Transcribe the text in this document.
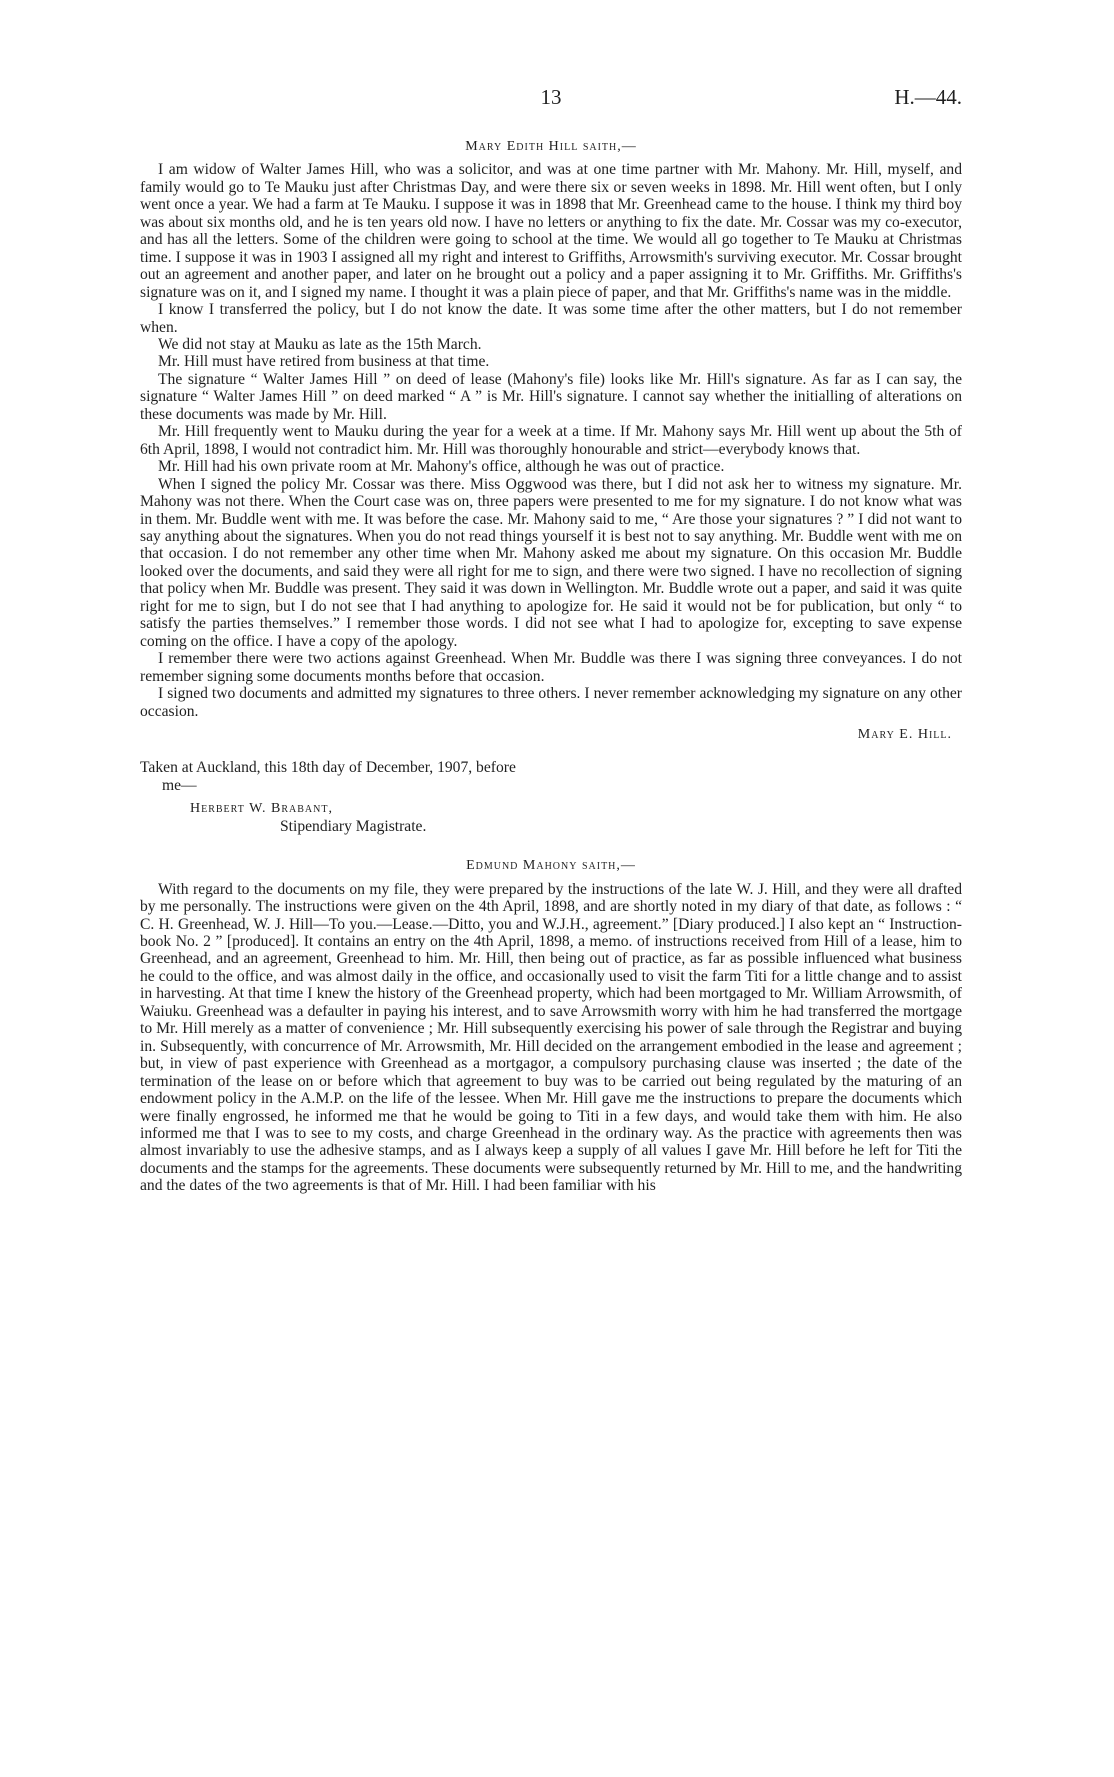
13	H.—44.
Mary Edith Hill saith,—

I am widow of Walter James Hill, who was a solicitor, and was at one time partner with Mr. Mahony. Mr. Hill, myself, and family would go to Te Mauku just after Christmas Day, and were there six or seven weeks in 1898. Mr. Hill went often, but I only went once a year. We had a farm at Te Mauku. I suppose it was in 1898 that Mr. Greenhead came to the house. I think my third boy was about six months old, and he is ten years old now. I have no letters or anything to fix the date. Mr. Cossar was my co-executor, and has all the letters. Some of the children were going to school at the time. We would all go together to Te Mauku at Christmas time. I suppose it was in 1903 I assigned all my right and interest to Griffiths, Arrowsmith's surviving executor. Mr. Cossar brought out an agreement and another paper, and later on he brought out a policy and a paper assigning it to Mr. Griffiths. Mr. Griffiths's signature was on it, and I signed my name. I thought it was a plain piece of paper, and that Mr. Griffiths's name was in the middle.

I know I transferred the policy, but I do not know the date. It was some time after the other matters, but I do not remember when.

We did not stay at Mauku as late as the 15th March.

Mr. Hill must have retired from business at that time.

The signature “ Walter James Hill ” on deed of lease (Mahony's file) looks like Mr. Hill's signature. As far as I can say, the signature “ Walter James Hill ” on deed marked “ A ” is Mr. Hill's signature. I cannot say whether the initialling of alterations on these documents was made by Mr. Hill.

Mr. Hill frequently went to Mauku during the year for a week at a time. If Mr. Mahony says Mr. Hill went up about the 5th of 6th April, 1898, I would not contradict him. Mr. Hill was thoroughly honourable and strict—everybody knows that.

Mr. Hill had his own private room at Mr. Mahony's office, although he was out of practice.

When I signed the policy Mr. Cossar was there. Miss Oggwood was there, but I did not ask her to witness my signature. Mr. Mahony was not there. When the Court case was on, three papers were presented to me for my signature. I do not know what was in them. Mr. Buddle went with me. It was before the case. Mr. Mahony said to me, “ Are those your signatures ? ” I did not want to say anything about the signatures. When you do not read things yourself it is best not to say anything. Mr. Buddle went with me on that occasion. I do not remember any other time when Mr. Mahony asked me about my signature. On this occasion Mr. Buddle looked over the documents, and said they were all right for me to sign, and there were two signed. I have no recollection of signing that policy when Mr. Buddle was present. They said it was down in Wellington. Mr. Buddle wrote out a paper, and said it was quite right for me to sign, but I do not see that I had anything to apologize for. He said it would not be for publication, but only “ to satisfy the parties themselves.” I remember those words. I did not see what I had to apologize for, excepting to save expense coming on the office. I have a copy of the apology.

I remember there were two actions against Greenhead. When Mr. Buddle was there I was signing three conveyances. I do not remember signing some documents months before that occasion.

I signed two documents and admitted my signatures to three others. I never remember acknowledging my signature on any other occasion.

Mary E. Hill.
Taken at Auckland, this 18th day of December, 1907, before
me—
Herbert W. Brabant,
Stipendiary Magistrate.
Edmund Mahony saith,—

With regard to the documents on my file, they were prepared by the instructions of the late W. J. Hill, and they were all drafted by me personally. The instructions were given on the 4th April, 1898, and are shortly noted in my diary of that date, as follows : “ C. H. Greenhead, W. J. Hill—To you.—Lease.—Ditto, you and W.J.H., agreement.” [Diary produced.] I also kept an “ Instruction-book No. 2 ” [produced]. It contains an entry on the 4th April, 1898, a memo. of instructions received from Hill of a lease, him to Greenhead, and an agreement, Greenhead to him. Mr. Hill, then being out of practice, as far as possible influenced what business he could to the office, and was almost daily in the office, and occasionally used to visit the farm Titi for a little change and to assist in harvesting. At that time I knew the history of the Greenhead property, which had been mortgaged to Mr. William Arrowsmith, of Waiuku. Greenhead was a defaulter in paying his interest, and to save Arrowsmith worry with him he had transferred the mortgage to Mr. Hill merely as a matter of convenience ; Mr. Hill subsequently exercising his power of sale through the Registrar and buying in. Subsequently, with concurrence of Mr. Arrowsmith, Mr. Hill decided on the arrangement embodied in the lease and agreement ; but, in view of past experience with Greenhead as a mortgagor, a compulsory purchasing clause was inserted ; the date of the termination of the lease on or before which that agreement to buy was to be carried out being regulated by the maturing of an endowment policy in the A.M.P. on the life of the lessee. When Mr. Hill gave me the instructions to prepare the documents which were finally engrossed, he informed me that he would be going to Titi in a few days, and would take them with him. He also informed me that I was to see to my costs, and charge Greenhead in the ordinary way. As the practice with agreements then was almost invariably to use the adhesive stamps, and as I always keep a supply of all values I gave Mr. Hill before he left for Titi the documents and the stamps for the agreements. These documents were subsequently returned by Mr. Hill to me, and the handwriting and the dates of the two agreements is that of Mr. Hill. I had been familiar with his
